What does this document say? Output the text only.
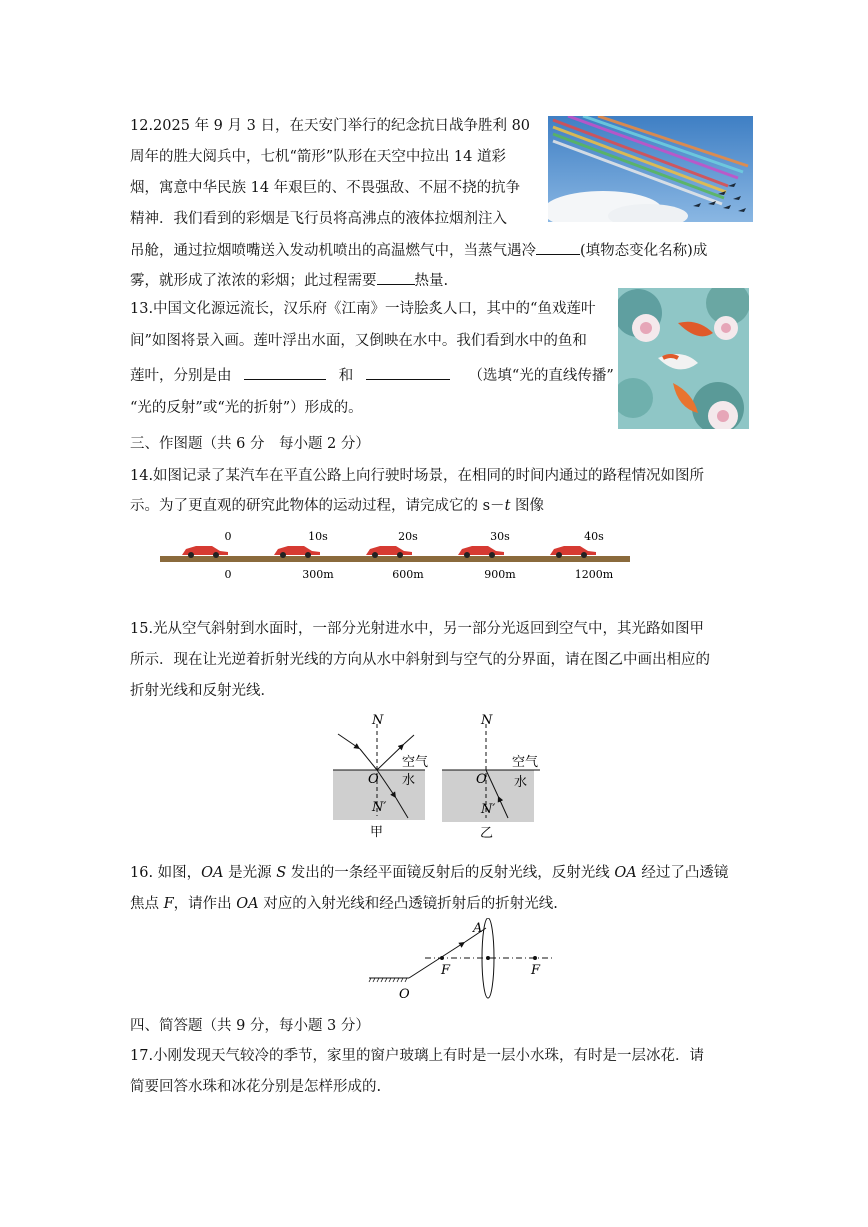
12.2025 年 9 月 3 日，在天安门举行的纪念抗日战争胜利 80
周年的胜大阅兵中，七机“箭形”队形在天空中拉出 14 道彩
烟，寓意中华民族 14 年艰巨的、不畏强敌、不屈不挠的抗争
精神．我们看到的彩烟是飞行员将高沸点的液体拉烟剂注入
吊舱，通过拉烟喷嘴送入发动机喷出的高温燃气中，当蒸气遇冷	(填物态变化名称)成
雾，就形成了浓浓的彩烟；此过程需要	热量.
13.中国文化源远流长，汉乐府《江南》一诗脍炙人口，其中的“鱼戏莲叶
间”如图将景入画。莲叶浮出水面，又倒映在水中。我们看到水中的鱼和
莲叶，分别是由	和	（选填“光的直线传播”
“光的反射”或“光的折射”）形成的。
三、作图题（共 6 分　每小题 2 分）
14.如图记录了某汽车在平直公路上向行驶时场景，在相同的时间内通过的路程情况如图所
示。为了更直观的研究此物体的运动过程，请完成它的 s－t 图像
0
0
10s
300m
20s
600m
30s
900m
40s
1200m
15.光从空气斜射到水面时，一部分光射进水中，另一部分光返回到空气中，其光路如图甲
所示．现在让光逆着折射光线的方向从水中斜射到与空气的分界面，请在图乙中画出相应的
折射光线和反射光线．
N
O
N′
空气
水
甲
N
O
N′
空气
水
乙
16. 如图，OA 是光源 S 发出的一条经平面镜反射后的反射光线，反射光线 OA 经过了凸透镜
焦点 F，请作出 OA 对应的入射光线和经凸透镜折射后的折射光线.
A
F	F
O
四、简答题（共 9 分，每小题 3 分）
17.小刚发现天气较冷的季节，家里的窗户玻璃上有时是一层小水珠，有时是一层冰花．请
简要回答水珠和冰花分别是怎样形成的.
